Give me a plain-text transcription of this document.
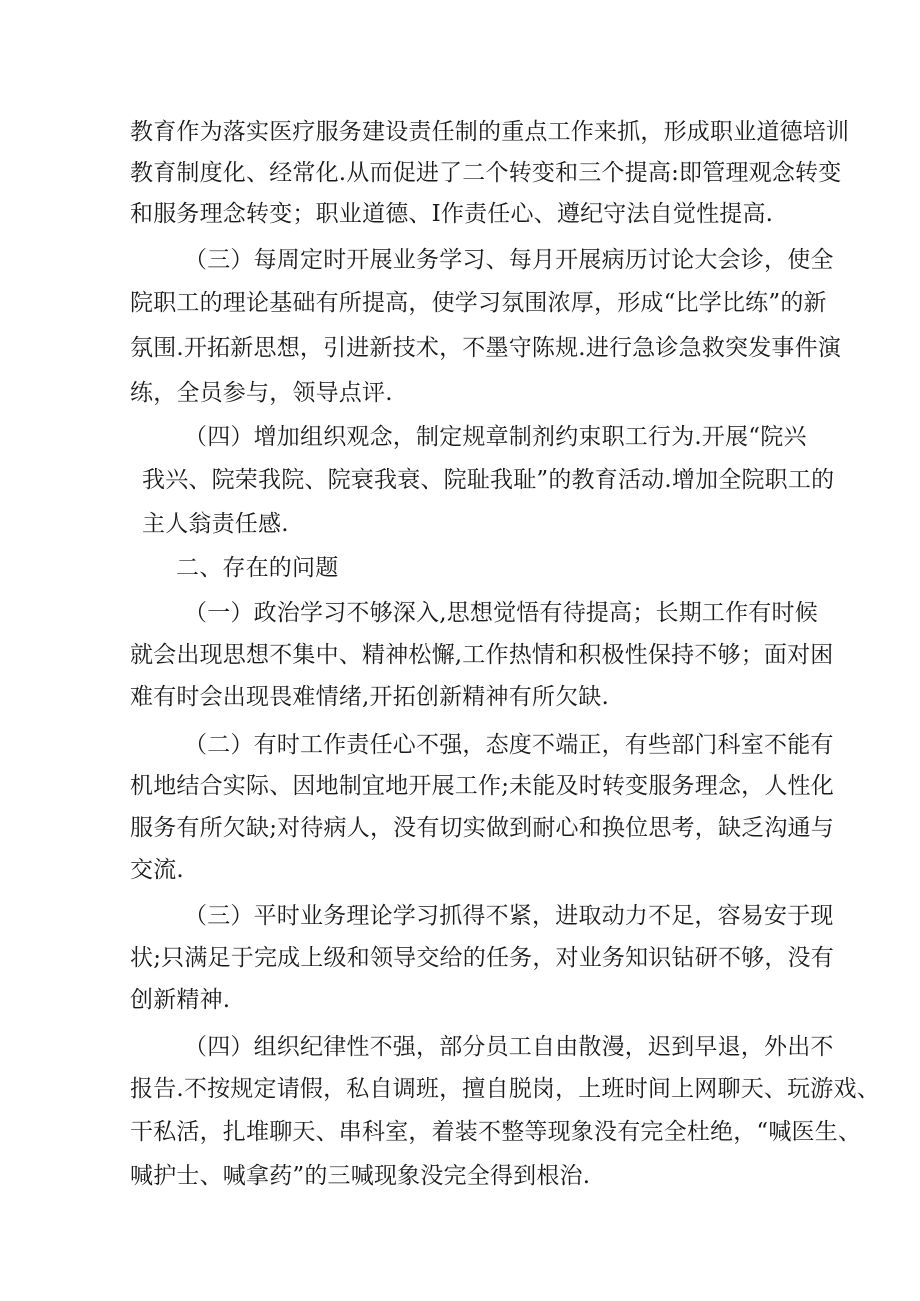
教育作为落实医疗服务建设责任制的重点工作来抓，形成职业道德培训
教育制度化、经常化.从而促进了二个转变和三个提高:即管理观念转变
和服务理念转变；职业道德、I作责任心、遵纪守法自觉性提高.
（三）每周定时开展业务学习、每月开展病历讨论大会诊，使全
院职工的理论基础有所提高，使学习氛围浓厚，形成“比学比练”的新
氛围.开拓新思想，引进新技术，不墨守陈规.进行急诊急救突发事件演
练，全员参与，领导点评.
（四）增加组织观念，制定规章制剂约束职工行为.开展“院兴
我兴、院荣我院、院衰我衰、院耻我耻”的教育活动.增加全院职工的
主人翁责任感.
二、存在的问题
（一）政治学习不够深入,思想觉悟有待提高；长期工作有时候
就会出现思想不集中、精神松懈,工作热情和积极性保持不够；面对困
难有时会出现畏难情绪,开拓创新精神有所欠缺.
（二）有时工作责任心不强，态度不端正，有些部门科室不能有
机地结合实际、因地制宜地开展工作;未能及时转变服务理念，人性化
服务有所欠缺;对待病人，没有切实做到耐心和换位思考，缺乏沟通与
交流.
（三）平时业务理论学习抓得不紧，进取动力不足，容易安于现
状;只满足于完成上级和领导交给的任务，对业务知识钻研不够，没有
创新精神.
（四）组织纪律性不强，部分员工自由散漫，迟到早退，外出不
报告.不按规定请假，私自调班，擅自脱岗，上班时间上网聊天、玩游戏、
干私活，扎堆聊天、串科室，着装不整等现象没有完全杜绝，“喊医生、
喊护士、喊拿药”的三喊现象没完全得到根治.
